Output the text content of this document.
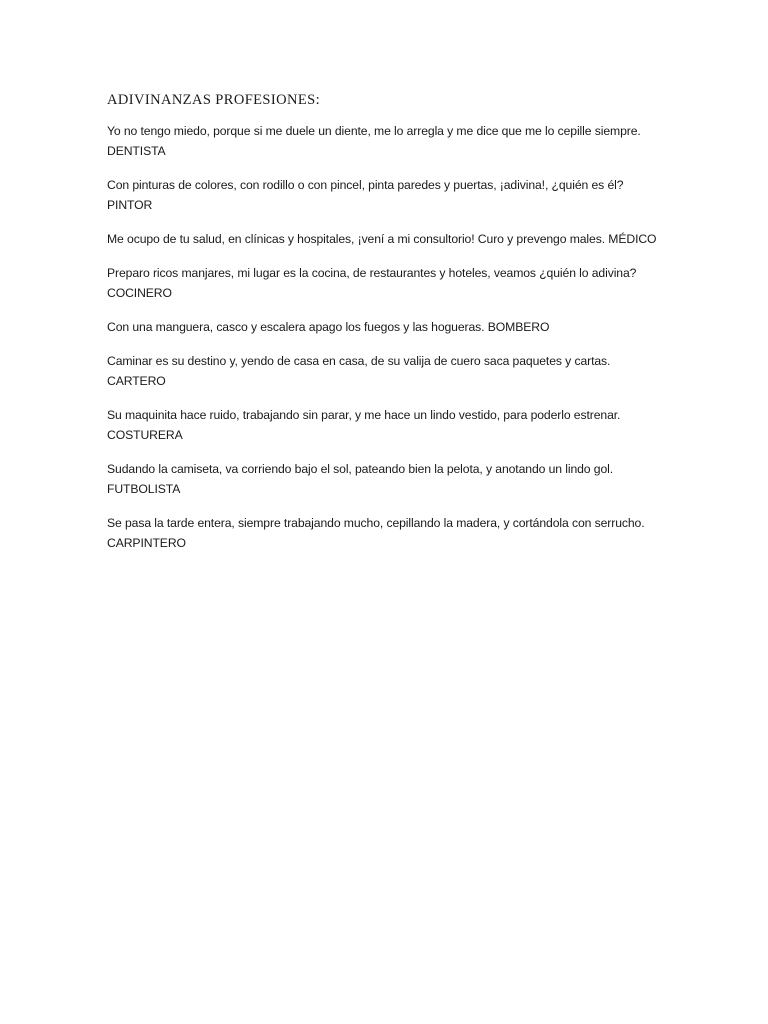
ADIVINANZAS PROFESIONES:

Yo no tengo miedo, porque si me duele un diente, me lo arregla y me dice que me lo cepille siempre. DENTISTA

Con pinturas de colores, con rodillo o con pincel, pinta paredes y puertas, ¡adivina!, ¿quién es él? PINTOR

Me ocupo de tu salud, en clínicas y hospitales, ¡vení a mi consultorio! Curo y prevengo males. MÉDICO

Preparo ricos manjares, mi lugar es la cocina, de restaurantes y hoteles, veamos ¿quién lo adivina? COCINERO

Con una manguera, casco y escalera apago los fuegos y las hogueras. BOMBERO

Caminar es su destino y, yendo de casa en casa, de su valija de cuero saca paquetes y cartas. CARTERO

Su maquinita hace ruido, trabajando sin parar, y me hace un lindo vestido, para poderlo estrenar. COSTURERA

Sudando la camiseta, va corriendo bajo el sol, pateando bien la pelota, y anotando un lindo gol. FUTBOLISTA

Se pasa la tarde entera, siempre trabajando mucho, cepillando la madera, y cortándola con serrucho. CARPINTERO
